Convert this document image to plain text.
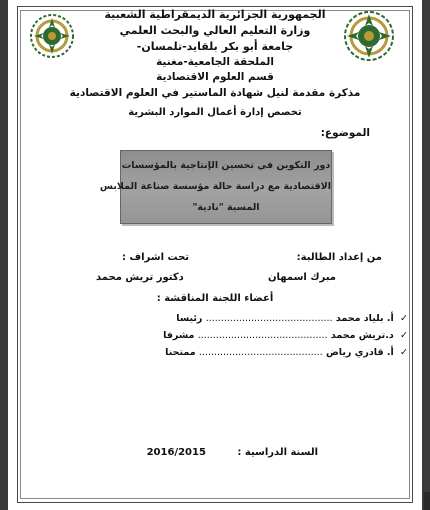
الجمهورية الجزائرية الديمقراطية الشعبية
وزارة التعليم العالي والبحث العلمي
جامعة أبو بكر بلقايد-تلمسان-
الملحقة الجامعية-مغنية
قسم العلوم الاقتصادية
مذكرة مقدمة لنيل شهادة الماستير في العلوم الاقتصادية
تخصص إدارة أعمال الموارد البشرية
الموضوع:
دور التكوين في تحسين الإنتاجية بالمؤسسات
الاقتصادية مع دراسة حالة مؤسسة صناعة الملابس
المسية "نادية"
من إعداد الطالبة:
تحت اشراف :
مبرك اسمهان
دكتور تريش محمد
أعضاء اللجنة المناقشة :
✓ أ. بلياد محمد .......................................... رئيسا
✓ د.تريش محمد ........................................... مشرفا
✓ أ. قادري رياض ......................................... ممتحنا
السنة الدراسية : 2016/2015
